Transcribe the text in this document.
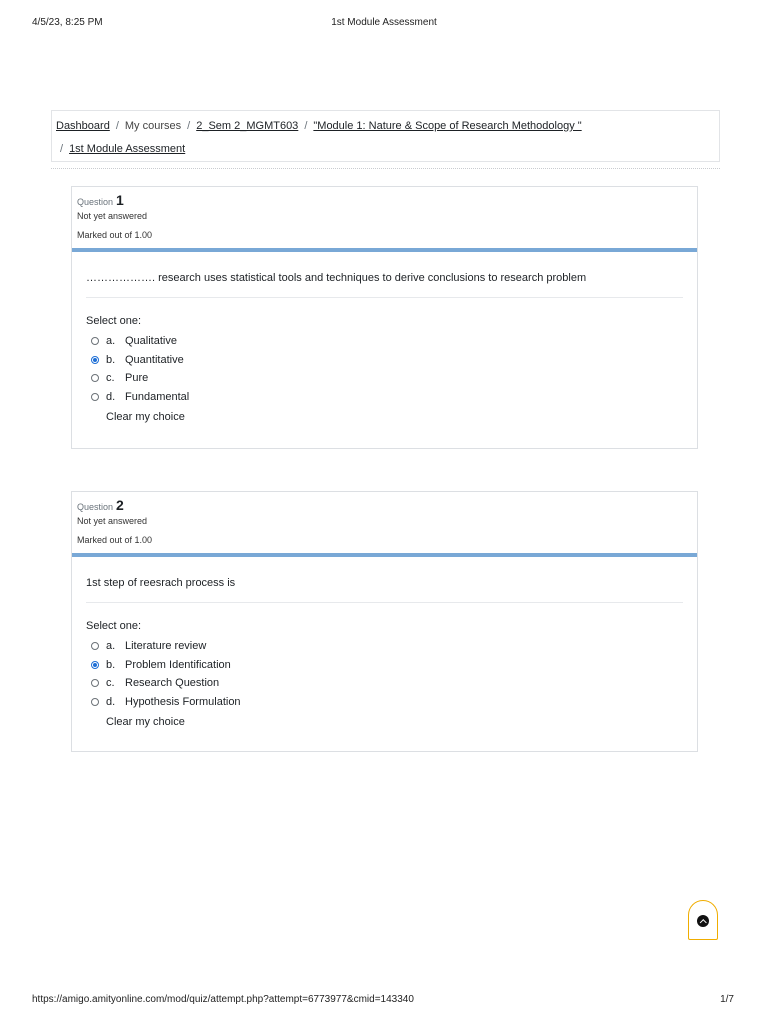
4/5/23, 8:25 PM	1st Module Assessment
Dashboard / My courses / 2_Sem 2_MGMT603 / "Module 1: Nature & Scope of Research Methodology "
/ 1st Module Assessment
Question 1
Not yet answered
Marked out of 1.00
………………. research uses statistical tools and techniques to derive conclusions to research problem
Select one:
a. Qualitative
b. Quantitative
c. Pure
d. Fundamental
Clear my choice
Question 2
Not yet answered
Marked out of 1.00
1st step of reesrach process is
Select one:
a. Literature review
b. Problem Identification
c. Research Question
d. Hypothesis Formulation
Clear my choice
https://amigo.amityonline.com/mod/quiz/attempt.php?attempt=6773977&cmid=143340	1/7
